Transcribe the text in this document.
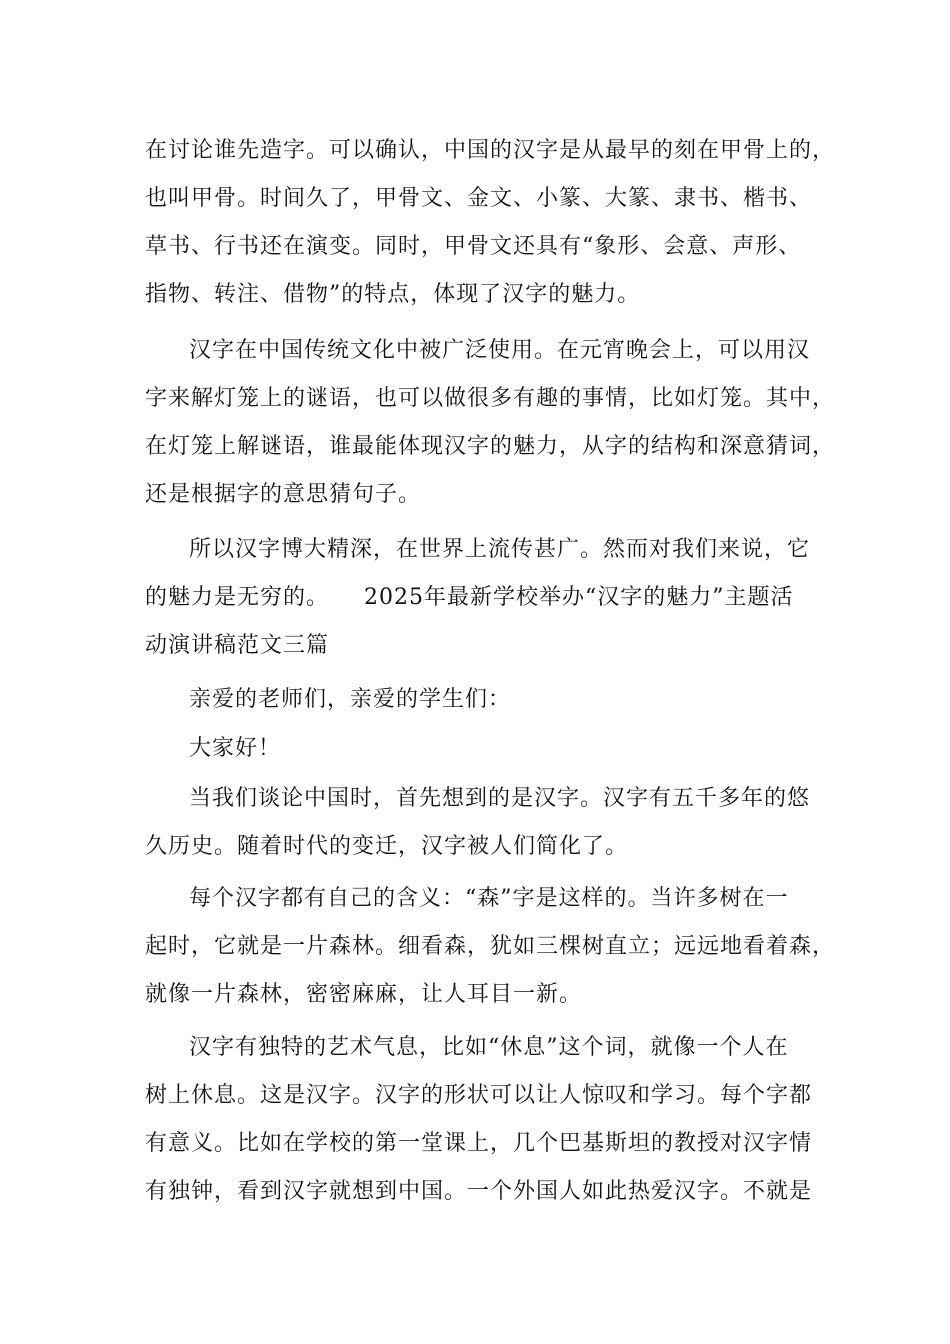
在讨论谁先造字。可以确认，中国的汉字是从最早的刻在甲骨上的，
也叫甲骨。时间久了，甲骨文、金文、小篆、大篆、隶书、楷书、
草书、行书还在演变。同时，甲骨文还具有“象形、会意、声形、
指物、转注、借物”的特点，体现了汉字的魅力。
汉字在中国传统文化中被广泛使用。在元宵晚会上，可以用汉
字来解灯笼上的谜语，也可以做很多有趣的事情，比如灯笼。其中，
在灯笼上解谜语，谁最能体现汉字的魅力，从字的结构和深意猜词，
还是根据字的意思猜句子。
所以汉字博大精深，在世界上流传甚广。然而对我们来说，它
的魅力是无穷的。　　2025年最新学校举办“汉字的魅力”主题活
动演讲稿范文三篇
亲爱的老师们，亲爱的学生们：
大家好！
当我们谈论中国时，首先想到的是汉字。汉字有五千多年的悠
久历史。随着时代的变迁，汉字被人们简化了。
每个汉字都有自己的含义：“森”字是这样的。当许多树在一
起时，它就是一片森林。细看森，犹如三棵树直立；远远地看着森，
就像一片森林，密密麻麻，让人耳目一新。
汉字有独特的艺术气息，比如“休息”这个词，就像一个人在
树上休息。这是汉字。汉字的形状可以让人惊叹和学习。每个字都
有意义。比如在学校的第一堂课上，几个巴基斯坦的教授对汉字情
有独钟，看到汉字就想到中国。一个外国人如此热爱汉字。不就是
